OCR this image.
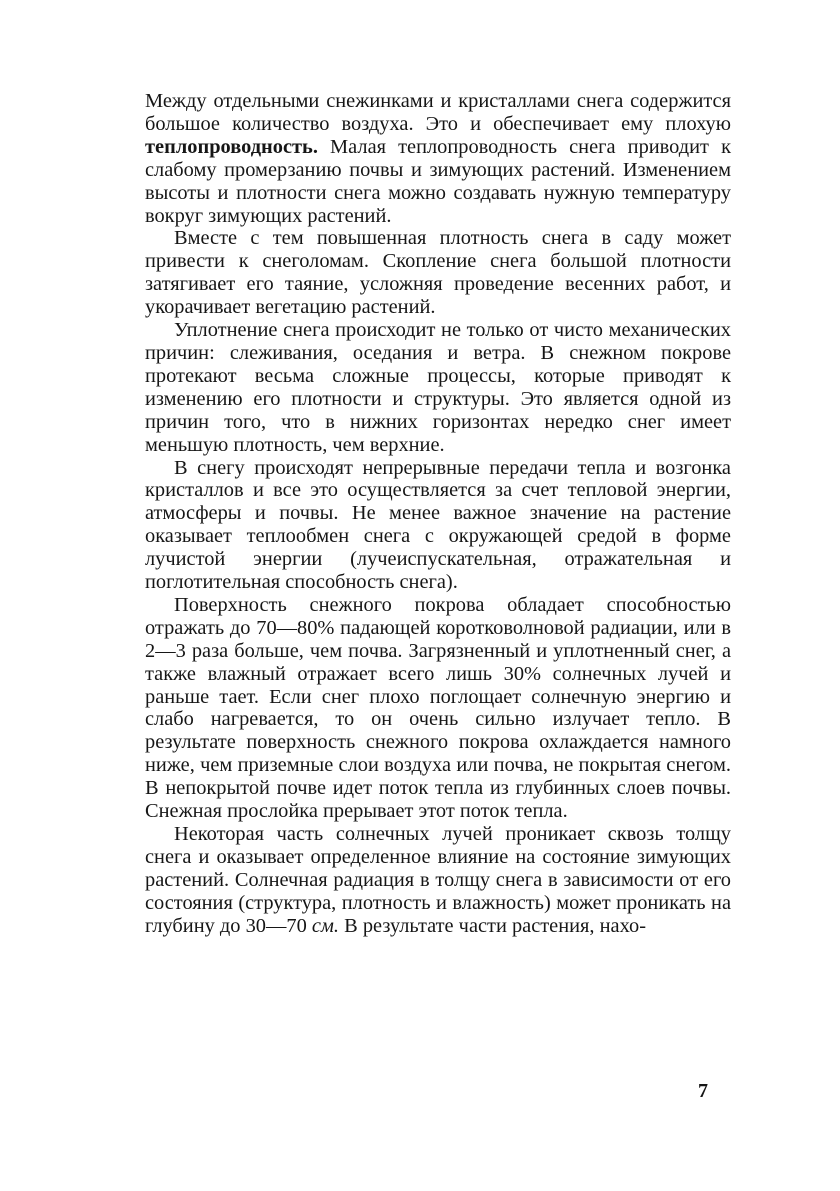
Между отдельными снежинками и кристаллами снега содержится большое количество воздуха. Это и обеспечивает ему плохую теплопроводность. Малая теплопроводность снега приводит к слабому промерзанию почвы и зимующих растений. Изменением высоты и плотности снега можно создавать нужную температуру вокруг зимующих растений.

Вместе с тем повышенная плотность снега в саду может привести к снеголомам. Скопление снега большой плотности затягивает его таяние, усложняя проведение весенних работ, и укорачивает вегетацию растений.

Уплотнение снега происходит не только от чисто механических причин: слеживания, оседания и ветра. В снежном покрове протекают весьма сложные процессы, которые приводят к изменению его плотности и структуры. Это является одной из причин того, что в нижних горизонтах нередко снег имеет меньшую плотность, чем верхние.

В снегу происходят непрерывные передачи тепла и возгонка кристаллов и все это осуществляется за счет тепловой энергии, атмосферы и почвы. Не менее важное значение на растение оказывает теплообмен снега с окружающей средой в форме лучистой энергии (лучеиспускательная, отражательная и поглотительная способность снега).

Поверхность снежного покрова обладает способностью отражать до 70—80% падающей коротковолновой радиации, или в 2—3 раза больше, чем почва. Загрязненный и уплотненный снег, а также влажный отражает всего лишь 30% солнечных лучей и раньше тает. Если снег плохо поглощает солнечную энергию и слабо нагревается, то он очень сильно излучает тепло. В результате поверхность снежного покрова охлаждается намного ниже, чем приземные слои воздуха или почва, не покрытая снегом. В непокрытой почве идет поток тепла из глубинных слоев почвы. Снежная прослойка прерывает этот поток тепла.

Некоторая часть солнечных лучей проникает сквозь толщу снега и оказывает определенное влияние на состояние зимующих растений. Солнечная радиация в толщу снега в зависимости от его состояния (структура, плотность и влажность) может проникать на глубину до 30—70 см. В результате части растения, нахо-

7
